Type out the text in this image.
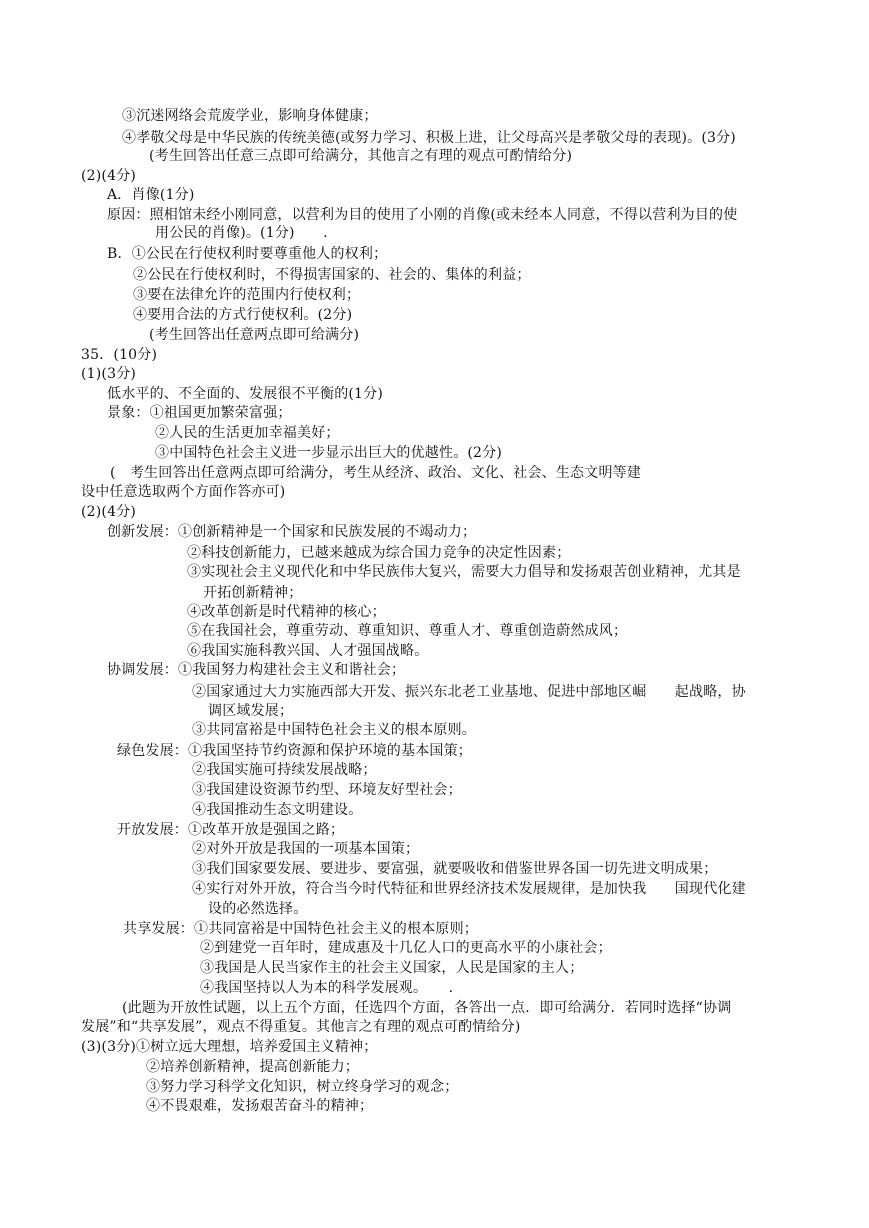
③沉迷网络会荒废学业，影响身体健康；
④孝敬父母是中华民族的传统美德(或努力学习、积极上进，让父母高兴是孝敬父母的表现)。(3分)
(考生回答出任意三点即可给满分，其他言之有理的观点可酌情给分)
(2)(4分)
A．肖像(1分)
原因：照相馆未经小刚同意，以营利为目的使用了小刚的肖像(或未经本人同意，不得以营利为目的使
用公民的肖像)。(1分)　　.
B．①公民在行使权利时要尊重他人的权利；
②公民在行使权利时，不得损害国家的、社会的、集体的利益；
③要在法律允许的范围内行使权利；
④要用合法的方式行使权利。(2分)
(考生回答出任意两点即可给满分)
35．(10分)
(1)(3分)
低水平的、不全面的、发展很不平衡的(1分)
景象：①祖国更加繁荣富强；
②人民的生活更加幸福美好；
③中国特色社会主义进一步显示出巨大的优越性。(2分)
(　考生回答出任意两点即可给满分，考生从经济、政治、文化、社会、生态文明等建
设中任意选取两个方面作答亦可)
(2)(4分)
创新发展：①创新精神是一个国家和民族发展的不竭动力；
②科技创新能力，已越来越成为综合国力竞争的决定性因素；
③实现社会主义现代化和中华民族伟大复兴，需要大力倡导和发扬艰苦创业精神，尤其是
开拓创新精神；
④改革创新是时代精神的核心；
⑤在我国社会，尊重劳动、尊重知识、尊重人才、尊重创造蔚然成风；
⑥我国实施科教兴国、人才强国战略。
协调发展：①我国努力构建社会主义和谐社会；
②国家通过大力实施西部大开发、振兴东北老工业基地、促进中部地区崛　　起战略，协
调区域发展；
③共同富裕是中国特色社会主义的根本原则。
绿色发展：①我国坚持节约资源和保护环境的基本国策；
②我国实施可持续发展战略；
③我国建设资源节约型、环境友好型社会；
④我国推动生态文明建设。
开放发展：①改革开放是强国之路；
②对外开放是我国的一项基本国策；
③我们国家要发展、要进步、要富强，就要吸收和借鉴世界各国一切先进文明成果；
④实行对外开放，符合当今时代特征和世界经济技术发展规律，是加快我　　国现代化建
设的必然选择。
共享发展：①共同富裕是中国特色社会主义的根本原则；
②到建党一百年时，建成惠及十几亿人口的更高水平的小康社会；
③我国是人民当家作主的社会主义国家，人民是国家的主人；
④我国坚持以人为本的科学发展观。　　.
(此题为开放性试题，以上五个方面，任选四个方面，各答出一点．即可给满分．若同时选择“协调
发展”和“共享发展”，观点不得重复。其他言之有理的观点可酌情给分)
(3)(3分)①树立远大理想，培养爱国主义精神；
②培养创新精神，提高创新能力；
③努力学习科学文化知识，树立终身学习的观念；
④不畏艰难，发扬艰苦奋斗的精神；
